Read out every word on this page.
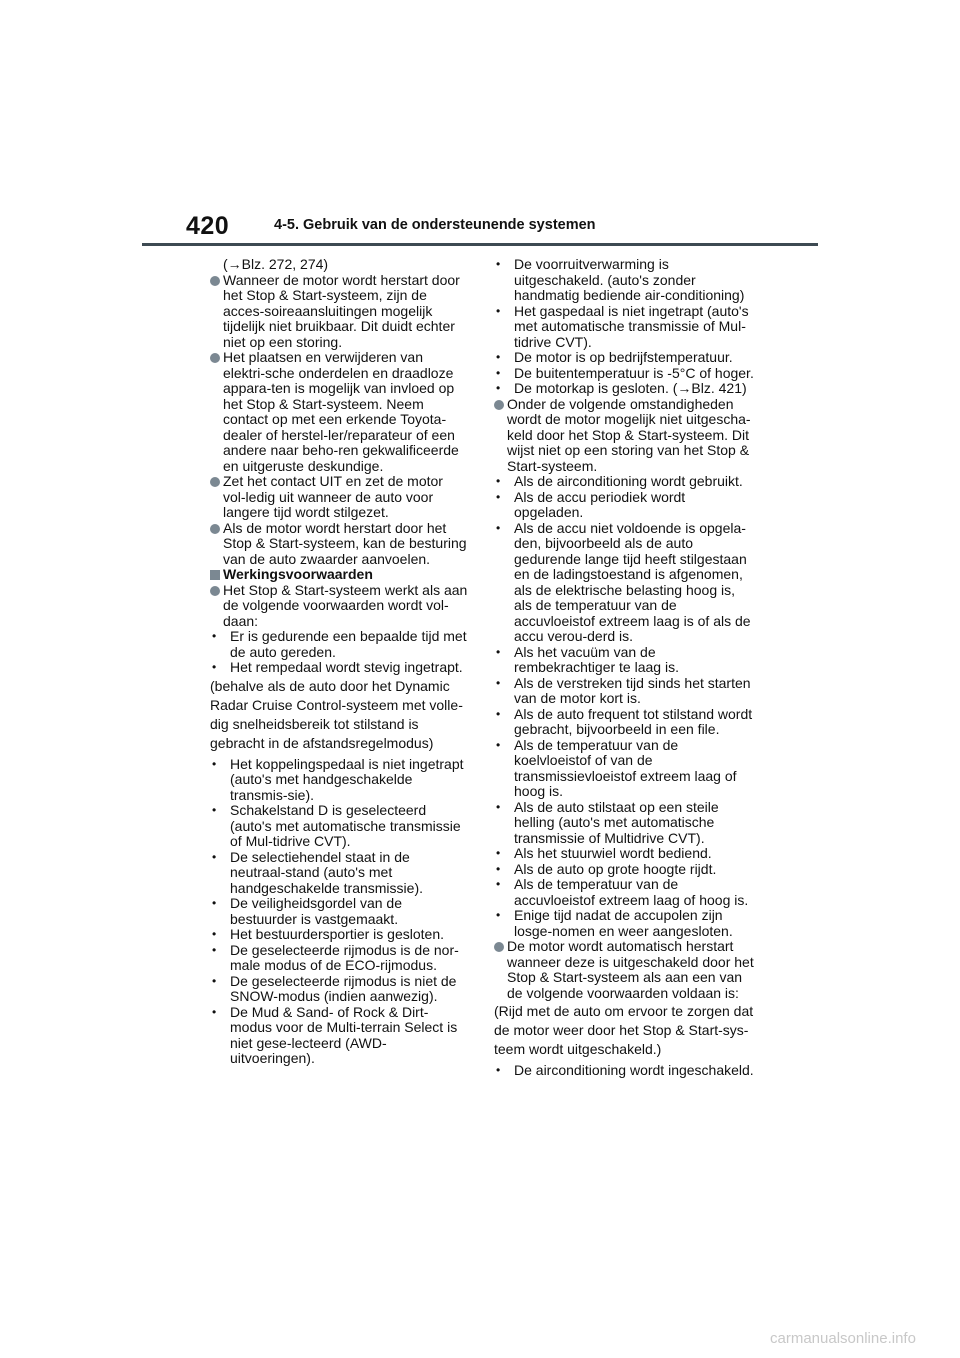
420	4-5. Gebruik van de ondersteunende systemen

(→Blz. 272, 274)

Wanneer de motor wordt herstart door het Stop & Start-systeem, zijn de acces-soireaansluitingen mogelijk tijdelijk niet bruikbaar. Dit duidt echter niet op een storing.

Het plaatsen en verwijderen van elektri-sche onderdelen en draadloze appara-ten is mogelijk van invloed op het Stop & Start-systeem. Neem contact op met een erkende Toyota-dealer of herstel-ler/reparateur of een andere naar beho-ren gekwalificeerde en uitgeruste deskundige.

Zet het contact UIT en zet de motor vol-ledig uit wanneer de auto voor langere tijd wordt stilgezet.

Als de motor wordt herstart door het Stop & Start-systeem, kan de besturing van de auto zwaarder aanvoelen.

Werkingsvoorwaarden

Het Stop & Start-systeem werkt als aan de volgende voorwaarden wordt vol-daan:

• Er is gedurende een bepaalde tijd met de auto gereden.

• Het rempedaal wordt stevig ingetrapt.

(behalve als de auto door het Dynamic Radar Cruise Control-systeem met volle-dig snelheidsbereik tot stilstand is gebracht in de afstandsregelmodus)

• Het koppelingspedaal is niet ingetrapt (auto's met handgeschakelde transmis-sie).

• Schakelstand D is geselecteerd (auto's met automatische transmissie of Mul-tidrive CVT).

• De selectiehendel staat in de neutraal-stand (auto's met handgeschakelde transmissie).

• De veiligheidsgordel van de bestuurder is vastgemaakt.

• Het bestuurdersportier is gesloten.

• De geselecteerde rijmodus is de nor-male modus of de ECO-rijmodus.

• De geselecteerde rijmodus is niet de SNOW-modus (indien aanwezig).

• De Mud & Sand- of Rock & Dirt-modus voor de Multi-terrain Select is niet gese-lecteerd (AWD-uitvoeringen).

• De voorruitverwarming is uitgeschakeld. (auto's zonder handmatig bediende air-conditioning)

• Het gaspedaal is niet ingetrapt (auto's met automatische transmissie of Mul-tidrive CVT).

• De motor is op bedrijfstemperatuur.

• De buitentemperatuur is -5°C of hoger.

• De motorkap is gesloten. (→Blz. 421)

Onder de volgende omstandigheden wordt de motor mogelijk niet uitgescha-keld door het Stop & Start-systeem. Dit wijst niet op een storing van het Stop & Start-systeem.

• Als de airconditioning wordt gebruikt.

• Als de accu periodiek wordt opgeladen.

• Als de accu niet voldoende is opgela-den, bijvoorbeeld als de auto gedurende lange tijd heeft stilgestaan en de ladingstoestand is afgenomen, als de elektrische belasting hoog is, als de temperatuur van de accuvloeistof extreem laag is of als de accu verou-derd is.

• Als het vacuüm van de rembekrachtiger te laag is.

• Als de verstreken tijd sinds het starten van de motor kort is.

• Als de auto frequent tot stilstand wordt gebracht, bijvoorbeeld in een file.

• Als de temperatuur van de koelvloeistof of van de transmissievloeistof extreem laag of hoog is.

• Als de auto stilstaat op een steile helling (auto's met automatische transmissie of Multidrive CVT).

• Als het stuurwiel wordt bediend.

• Als de auto op grote hoogte rijdt.

• Als de temperatuur van de accuvloeistof extreem laag of hoog is.

• Enige tijd nadat de accupolen zijn losge-nomen en weer aangesloten.

De motor wordt automatisch herstart wanneer deze is uitgeschakeld door het Stop & Start-systeem als aan een van de volgende voorwaarden voldaan is:

(Rijd met de auto om ervoor te zorgen dat de motor weer door het Stop & Start-sys-teem wordt uitgeschakeld.)

• De airconditioning wordt ingeschakeld.

carmanualsonline.info
